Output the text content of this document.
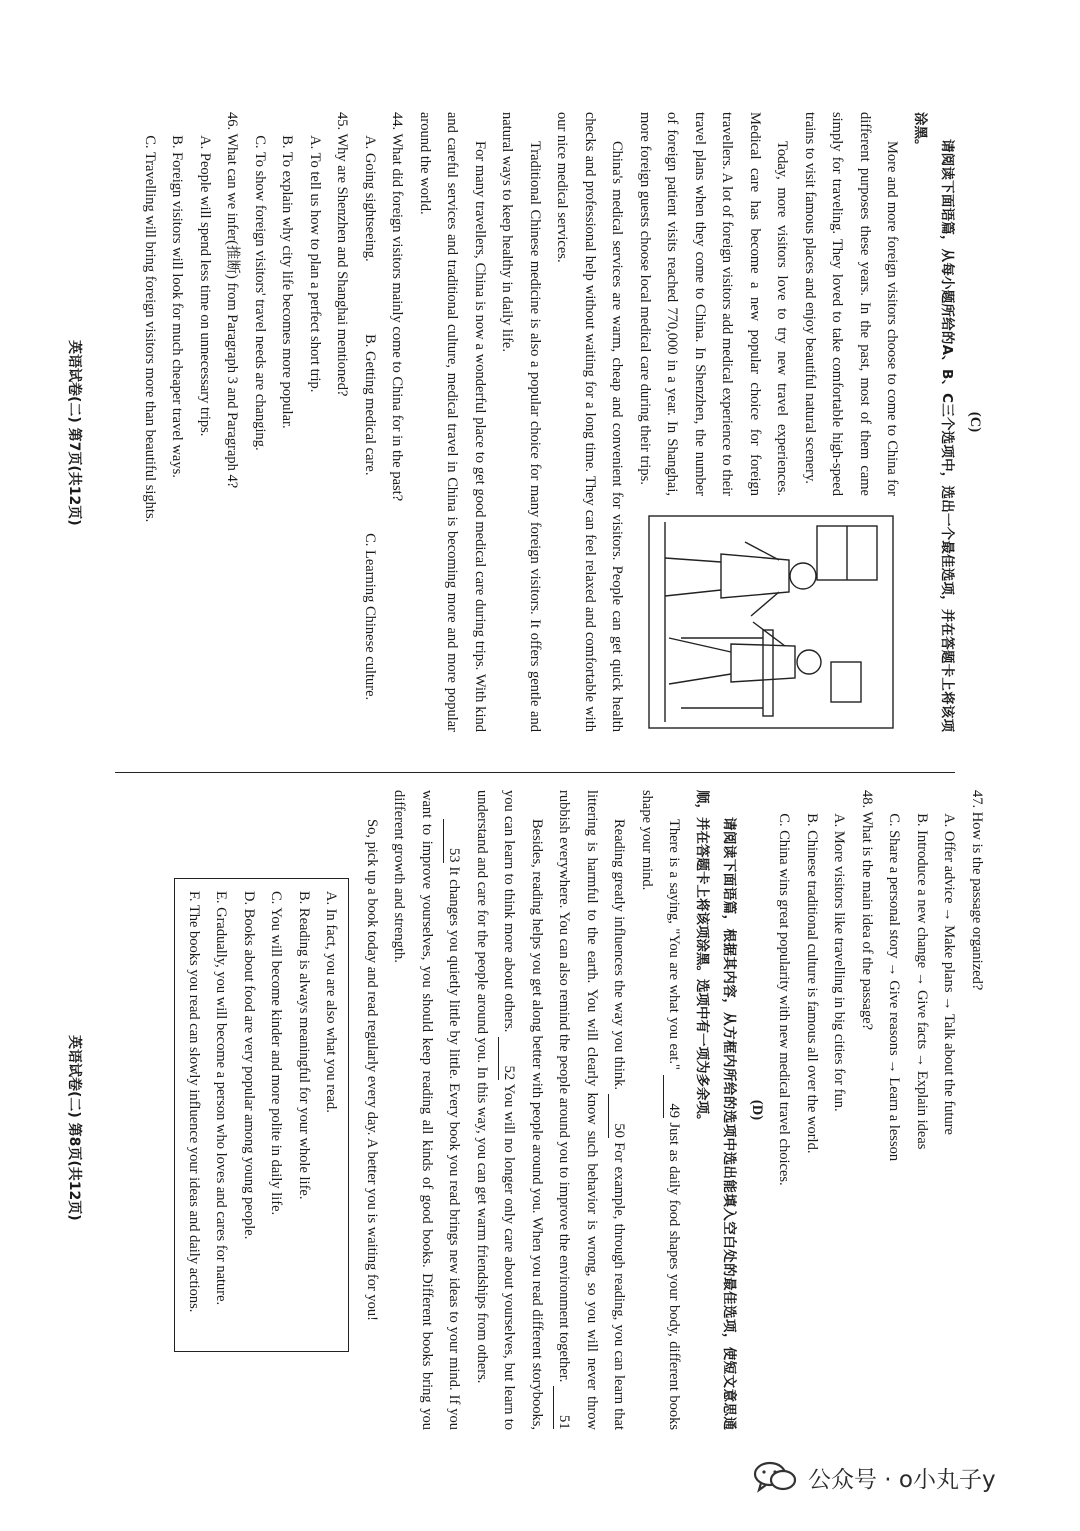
(C)

请阅读下面语篇，从每小题所给的A、B、C三个选项中，选出一个最佳选项，并在答题卡上将该项涂黑。

More and more foreign visitors choose to come to China for different purposes these years. In the past, most of them came simply for traveling. They loved to take comfortable high-speed trains to visit famous places and enjoy beautiful natural scenery.

Today, more visitors love to try new travel experiences. Medical care has become a new popular choice for foreign travellers. A lot of foreign visitors add medical experience to their travel plans when they come to China. In Shenzhen, the number of foreign patient visits reached 770,000 in a year. In Shanghai, more foreign guests choose local medical care during their trips.

China's medical services are warm, cheap and convenient for visitors. People can get quick health checks and professional help without waiting for a long time. They can feel relaxed and comfortable with our nice medical services.

Traditional Chinese medicine is also a popular choice for many foreign visitors. It offers gentle and natural ways to keep healthy in daily life.

For many travellers, China is now a wonderful place to get good medical care during trips. With kind and careful services and traditional culture, medical travel in China is becoming more and more popular around the world.

44. What did foreign visitors mainly come to China for in the past?

A. Going sightseeing.
B. Getting medical care.
C. Learning Chinese culture.

45. Why are Shenzhen and Shanghai mentioned?

A. To tell us how to plan a perfect short trip.

B. To explain why city life becomes more popular.

C. To show foreign visitors' travel needs are changing.

46. What can we infer(推断) from Paragraph 3 and Paragraph 4?

A. People will spend less time on unnecessary trips.

B. Foreign visitors will look for much cheaper travel ways.

C. Travelling will bring foreign visitors more than beautiful sights.

英语试卷(二) 第7页(共12页)

47. How is the passage organized?

A. Offer advice → Make plans → Talk about the future

B. Introduce a new change → Give facts → Explain ideas

C. Share a personal story → Give reasons → Learn a lesson

48. What is the main idea of the passage?

A. More visitors like travelling in big cities for fun.

B. Chinese traditional culture is famous all over the world.

C. China wins great popularity with new medical travel choices.

(D)

请阅读下面语篇，根据其内容，从方框内所给的选项中选出能填入空白处的最佳选项，使短文意思通顺，并在答题卡上将该项涂黑。选项中有一项为多余项。

There is a saying, "You are what you eat." 49 Just as daily food shapes your body, different books shape your mind.

Reading greatly influences the way you think. 50 For example, through reading, you can learn that littering is harmful to the earth. You will clearly know such behavior is wrong, so you will never throw rubbish everywhere. You can also remind the people around you to improve the environment together. 51

Besides, reading helps you get along better with people around you. When you read different storybooks, you can learn to think more about others. 52 You will no longer only care about yourselves, but learn to understand and care for the people around you. In this way, you can get warm friendships from others.

53 It changes you quietly little by little. Every book you read brings new ideas to your mind. If you want to improve yourselves, you should keep reading all kinds of good books. Different books bring you different growth and strength.

So, pick up a book today and read regularly every day. A better you is waiting for you!

A. In fact, you are also what you read.

B. Reading is always meaningful for your whole life.

C. You will become kinder and more polite in daily life.

D. Books about food are very popular among young people.

E. Gradually, you will become a person who loves and cares for nature.

F. The books you read can slowly influence your ideas and daily actions.

英语试卷(二) 第8页(共12页)
公众号 · o小丸子y
